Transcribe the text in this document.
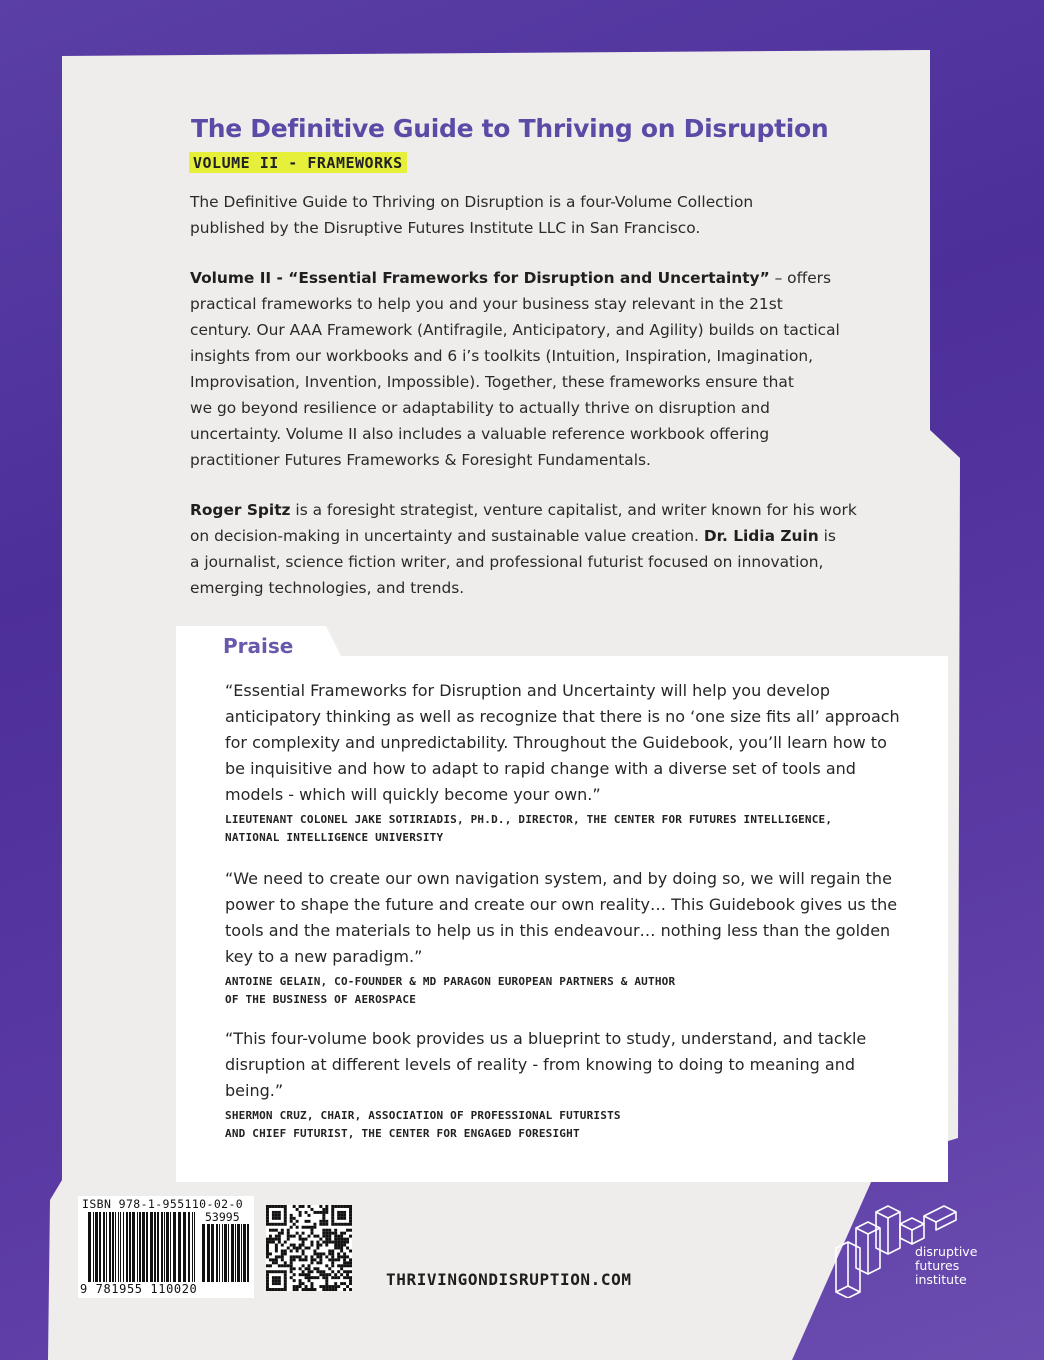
The Definitive Guide to Thriving on Disruption
VOLUME II - FRAMEWORKS

The Definitive Guide to Thriving on Disruption is a four-Volume Collection

published by the Disruptive Futures Institute LLC in San Francisco.

Volume II - “Essential Frameworks for Disruption and Uncertainty” – offers

practical frameworks to help you and your business stay relevant in the 21st

century. Our AAA Framework (Antifragile, Anticipatory, and Agility) builds on tactical

insights from our workbooks and 6 i’s toolkits (Intuition, Inspiration, Imagination,

Improvisation, Invention, Impossible). Together, these frameworks ensure that

we go beyond resilience or adaptability to actually thrive on disruption and

uncertainty. Volume II also includes a valuable reference workbook offering

practitioner Futures Frameworks & Foresight Fundamentals.

Roger Spitz is a foresight strategist, venture capitalist, and writer known for his work

on decision-making in uncertainty and sustainable value creation. Dr. Lidia Zuin is

a journalist, science fiction writer, and professional futurist focused on innovation,

emerging technologies, and trends.

Praise

“Essential Frameworks for Disruption and Uncertainty will help you develop

anticipatory thinking as well as recognize that there is no ‘one size fits all’ approach

for complexity and unpredictability. Throughout the Guidebook, you’ll learn how to

be inquisitive and how to adapt to rapid change with a diverse set of tools and

models - which will quickly become your own.”

LIEUTENANT COLONEL JAKE SOTIRIADIS, PH.D., DIRECTOR, THE CENTER FOR FUTURES INTELLIGENCE,

NATIONAL INTELLIGENCE UNIVERSITY

“We need to create our own navigation system, and by doing so, we will regain the

power to shape the future and create our own reality… This Guidebook gives us the

tools and the materials to help us in this endeavour… nothing less than the golden

key to a new paradigm.”

ANTOINE GELAIN, CO-FOUNDER & MD PARAGON EUROPEAN PARTNERS & AUTHOR

OF THE BUSINESS OF AEROSPACE

“This four-volume book provides us a blueprint to study, understand, and tackle

disruption at different levels of reality - from knowing to doing to meaning and

being.”

SHERMON CRUZ, CHAIR, ASSOCIATION OF PROFESSIONAL FUTURISTS

AND CHIEF FUTURIST, THE CENTER FOR ENGAGED FORESIGHT

ISBN 978-1-955110-02-0
53995
9 781955 110020	THRIVINGONDISRUPTION.COM
disruptive
futures
institute
